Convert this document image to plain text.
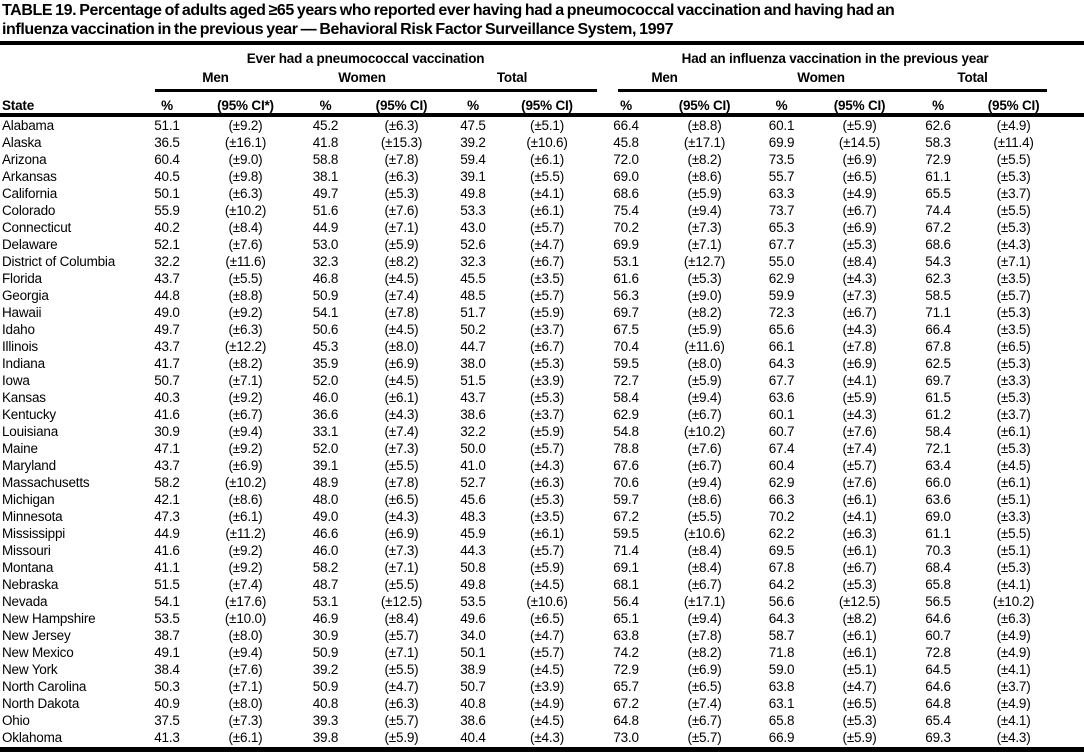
TABLE 19. Percentage of adults aged ≥65 years who reported ever having had a pneumococcal vaccination and having had an
influenza vaccination in the previous year — Behavioral Risk Factor Surveillance System, 1997
	Ever had a pneumococcal vaccination						Had an influenza vaccination in the previous year					
	Men		Women		Total		Men		Women		Total	
State	%	(95% CI*)	%	(95% CI)	%	(95% CI)	%	(95% CI)	%	(95% CI)	%	(95% CI)
Alabama	51.1	(±9.2)	45.2	(±6.3)	47.5	(±5.1)	66.4	(±8.8)	60.1	(±5.9)	62.6	(±4.9)
Alaska	36.5	(±16.1)	41.8	(±15.3)	39.2	(±10.6)	45.8	(±17.1)	69.9	(±14.5)	58.3	(±11.4)
Arizona	60.4	(±9.0)	58.8	(±7.8)	59.4	(±6.1)	72.0	(±8.2)	73.5	(±6.9)	72.9	(±5.5)
Arkansas	40.5	(±9.8)	38.1	(±6.3)	39.1	(±5.5)	69.0	(±8.6)	55.7	(±6.5)	61.1	(±5.3)
California	50.1	(±6.3)	49.7	(±5.3)	49.8	(±4.1)	68.6	(±5.9)	63.3	(±4.9)	65.5	(±3.7)
Colorado	55.9	(±10.2)	51.6	(±7.6)	53.3	(±6.1)	75.4	(±9.4)	73.7	(±6.7)	74.4	(±5.5)
Connecticut	40.2	(±8.4)	44.9	(±7.1)	43.0	(±5.7)	70.2	(±7.3)	65.3	(±6.9)	67.2	(±5.3)
Delaware	52.1	(±7.6)	53.0	(±5.9)	52.6	(±4.7)	69.9	(±7.1)	67.7	(±5.3)	68.6	(±4.3)
District of Columbia	32.2	(±11.6)	32.3	(±8.2)	32.3	(±6.7)	53.1	(±12.7)	55.0	(±8.4)	54.3	(±7.1)
Florida	43.7	(±5.5)	46.8	(±4.5)	45.5	(±3.5)	61.6	(±5.3)	62.9	(±4.3)	62.3	(±3.5)
Georgia	44.8	(±8.8)	50.9	(±7.4)	48.5	(±5.7)	56.3	(±9.0)	59.9	(±7.3)	58.5	(±5.7)
Hawaii	49.0	(±9.2)	54.1	(±7.8)	51.7	(±5.9)	69.7	(±8.2)	72.3	(±6.7)	71.1	(±5.3)
Idaho	49.7	(±6.3)	50.6	(±4.5)	50.2	(±3.7)	67.5	(±5.9)	65.6	(±4.3)	66.4	(±3.5)
Illinois	43.7	(±12.2)	45.3	(±8.0)	44.7	(±6.7)	70.4	(±11.6)	66.1	(±7.8)	67.8	(±6.5)
Indiana	41.7	(±8.2)	35.9	(±6.9)	38.0	(±5.3)	59.5	(±8.0)	64.3	(±6.9)	62.5	(±5.3)
Iowa	50.7	(±7.1)	52.0	(±4.5)	51.5	(±3.9)	72.7	(±5.9)	67.7	(±4.1)	69.7	(±3.3)
Kansas	40.3	(±9.2)	46.0	(±6.1)	43.7	(±5.3)	58.4	(±9.4)	63.6	(±5.9)	61.5	(±5.3)
Kentucky	41.6	(±6.7)	36.6	(±4.3)	38.6	(±3.7)	62.9	(±6.7)	60.1	(±4.3)	61.2	(±3.7)
Louisiana	30.9	(±9.4)	33.1	(±7.4)	32.2	(±5.9)	54.8	(±10.2)	60.7	(±7.6)	58.4	(±6.1)
Maine	47.1	(±9.2)	52.0	(±7.3)	50.0	(±5.7)	78.8	(±7.6)	67.4	(±7.4)	72.1	(±5.3)
Maryland	43.7	(±6.9)	39.1	(±5.5)	41.0	(±4.3)	67.6	(±6.7)	60.4	(±5.7)	63.4	(±4.5)
Massachusetts	58.2	(±10.2)	48.9	(±7.8)	52.7	(±6.3)	70.6	(±9.4)	62.9	(±7.6)	66.0	(±6.1)
Michigan	42.1	(±8.6)	48.0	(±6.5)	45.6	(±5.3)	59.7	(±8.6)	66.3	(±6.1)	63.6	(±5.1)
Minnesota	47.3	(±6.1)	49.0	(±4.3)	48.3	(±3.5)	67.2	(±5.5)	70.2	(±4.1)	69.0	(±3.3)
Mississippi	44.9	(±11.2)	46.6	(±6.9)	45.9	(±6.1)	59.5	(±10.6)	62.2	(±6.3)	61.1	(±5.5)
Missouri	41.6	(±9.2)	46.0	(±7.3)	44.3	(±5.7)	71.4	(±8.4)	69.5	(±6.1)	70.3	(±5.1)
Montana	41.1	(±9.2)	58.2	(±7.1)	50.8	(±5.9)	69.1	(±8.4)	67.8	(±6.7)	68.4	(±5.3)
Nebraska	51.5	(±7.4)	48.7	(±5.5)	49.8	(±4.5)	68.1	(±6.7)	64.2	(±5.3)	65.8	(±4.1)
Nevada	54.1	(±17.6)	53.1	(±12.5)	53.5	(±10.6)	56.4	(±17.1)	56.6	(±12.5)	56.5	(±10.2)
New Hampshire	53.5	(±10.0)	46.9	(±8.4)	49.6	(±6.5)	65.1	(±9.4)	64.3	(±8.2)	64.6	(±6.3)
New Jersey	38.7	(±8.0)	30.9	(±5.7)	34.0	(±4.7)	63.8	(±7.8)	58.7	(±6.1)	60.7	(±4.9)
New Mexico	49.1	(±9.4)	50.9	(±7.1)	50.1	(±5.7)	74.2	(±8.2)	71.8	(±6.1)	72.8	(±4.9)
New York	38.4	(±7.6)	39.2	(±5.5)	38.9	(±4.5)	72.9	(±6.9)	59.0	(±5.1)	64.5	(±4.1)
North Carolina	50.3	(±7.1)	50.9	(±4.7)	50.7	(±3.9)	65.7	(±6.5)	63.8	(±4.7)	64.6	(±3.7)
North Dakota	40.9	(±8.0)	40.8	(±6.3)	40.8	(±4.9)	67.2	(±7.4)	63.1	(±6.5)	64.8	(±4.9)
Ohio	37.5	(±7.3)	39.3	(±5.7)	38.6	(±4.5)	64.8	(±6.7)	65.8	(±5.3)	65.4	(±4.1)
Oklahoma	41.3	(±6.1)	39.8	(±5.9)	40.4	(±4.3)	73.0	(±5.7)	66.9	(±5.9)	69.3	(±4.3)
